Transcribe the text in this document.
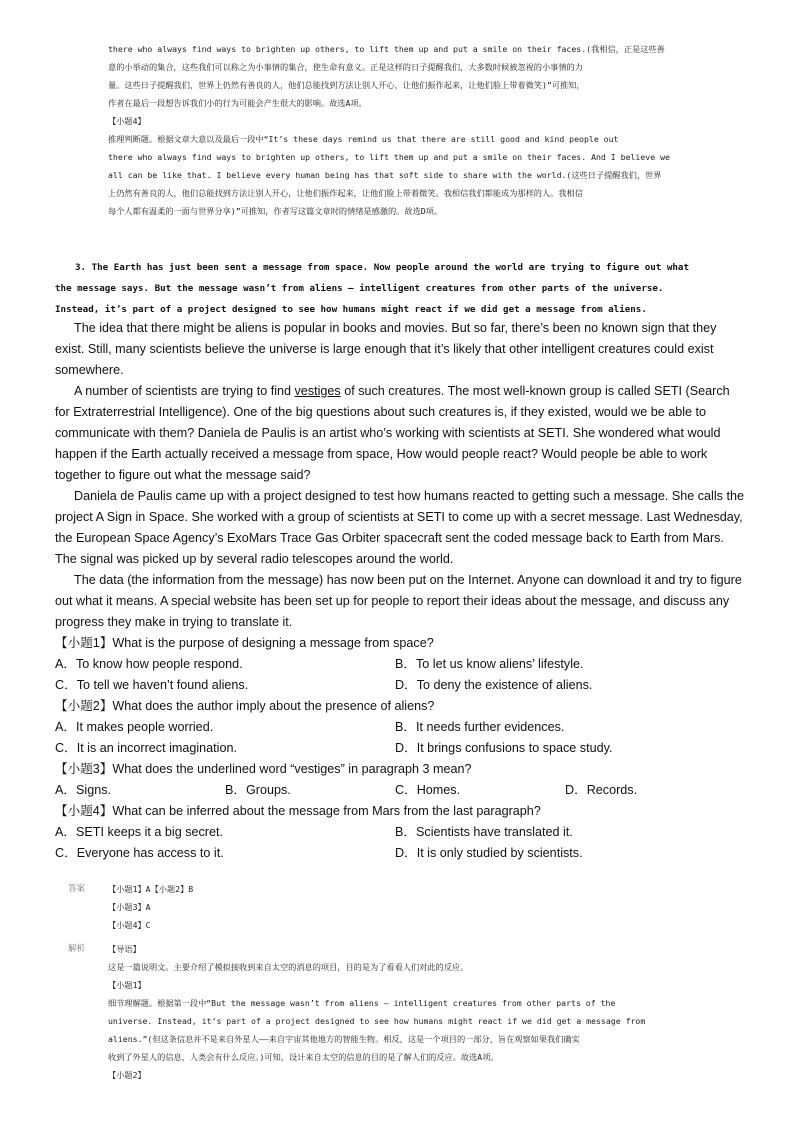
there who always find ways to brighten up others, to lift them up and put a smile on their faces.(我相信，正是这些善

意的小举动的集合，这些我们可以称之为小事情的集合，使生命有意义。正是这样的日子提醒我们，大多数时候被忽视的小事情的力

量。这些日子提醒我们，世界上仍然有善良的人，他们总能找到方法让别人开心，让他们振作起来，让他们脸上带着微笑)”可推知，

作者在最后一段想告诉我们小的行为可能会产生很大的影响。故选A项。

【小题4】

推理判断题。根据文章大意以及最后一段中“It’s these days remind us that there are still good and kind people out

there who always find ways to brighten up others, to lift them up and put a smile on their faces. And I believe we

all can be like that. I believe every human being has that soft side to share with the world.(这些日子提醒我们，世界

上仍然有善良的人，他们总能找到方法让别人开心，让他们振作起来，让他们脸上带着微笑。我相信我们都能成为那样的人。我相信

每个人都有温柔的一面与世界分享)”可推知，作者写这篇文章时的情绪是感激的。故选D项。

3. The Earth has just been sent a message from space. Now people around the world are trying to figure out what

the message says. But the message wasn’t from aliens — intelligent creatures from other parts of the universe.

Instead, it’s part of a project designed to see how humans might react if we did get a message from aliens.

The idea that there might be aliens is popular in books and movies. But so far, there’s been no known sign that they exist. Still, many scientists believe the universe is large enough that it’s likely that other intelligent creatures could exist somewhere.

A number of scientists are trying to find vestiges of such creatures. The most well-known group is called SETI (Search for Extraterrestrial Intelligence). One of the big questions about such creatures is, if they existed, would we be able to communicate with them? Daniela de Paulis is an artist who’s working with scientists at SETI. She wondered what would happen if the Earth actually received a message from space, How would people react? Would people be able to work together to figure out what the message said?

Daniela de Paulis came up with a project designed to test how humans reacted to getting such a message. She calls the project A Sign in Space. She worked with a group of scientists at SETI to come up with a secret message. Last Wednesday, the European Space Agency’s ExoMars Trace Gas Orbiter spacecraft sent the coded message back to Earth from Mars. The signal was picked up by several radio telescopes around the world.

The data (the information from the message) has now been put on the Internet. Anyone can download it and try to figure out what it means. A special website has been set up for people to report their ideas about the message, and discuss any progress they make in trying to translate it.

【小题1】What is the purpose of designing a message from space?

A．To know how people respond.	B．To let us know aliens’ lifestyle.
C．To tell we haven’t found aliens.	D．To deny the existence of aliens.

【小题2】What does the author imply about the presence of aliens?

A．It makes people worried.	B．It needs further evidences.
C．It is an incorrect imagination.	D．It brings confusions to space study.

【小题3】What does the underlined word “vestiges” in paragraph 3 mean?

A．Signs.	B．Groups.	C．Homes.	D．Records.

【小题4】What can be inferred about the message from Mars from the last paragraph?

A．SETI keeps it a big secret.	B．Scientists have translated it.
C．Everyone has access to it.	D．It is only studied by scientists.
答案	【小题1】A【小题2】B

【小题3】A

【小题4】C

解析	【导语】

这是一篇说明文。主要介绍了模拟接收到来自太空的消息的项目，目的是为了看看人们对此的反应。

【小题1】

细节理解题。根据第一段中“But the message wasn’t from aliens — intelligent creatures from other parts of the

universe. Instead, it’s part of a project designed to see how humans might react if we did get a message from

aliens.”(但这条信息并不是来自外星人——来自宇宙其他地方的智能生物。相反，这是一个项目的一部分，旨在观察如果我们确实

收到了外星人的信息，人类会有什么反应。)可知，设计来自太空的信息的目的是了解人们的反应。故选A项。

【小题2】
